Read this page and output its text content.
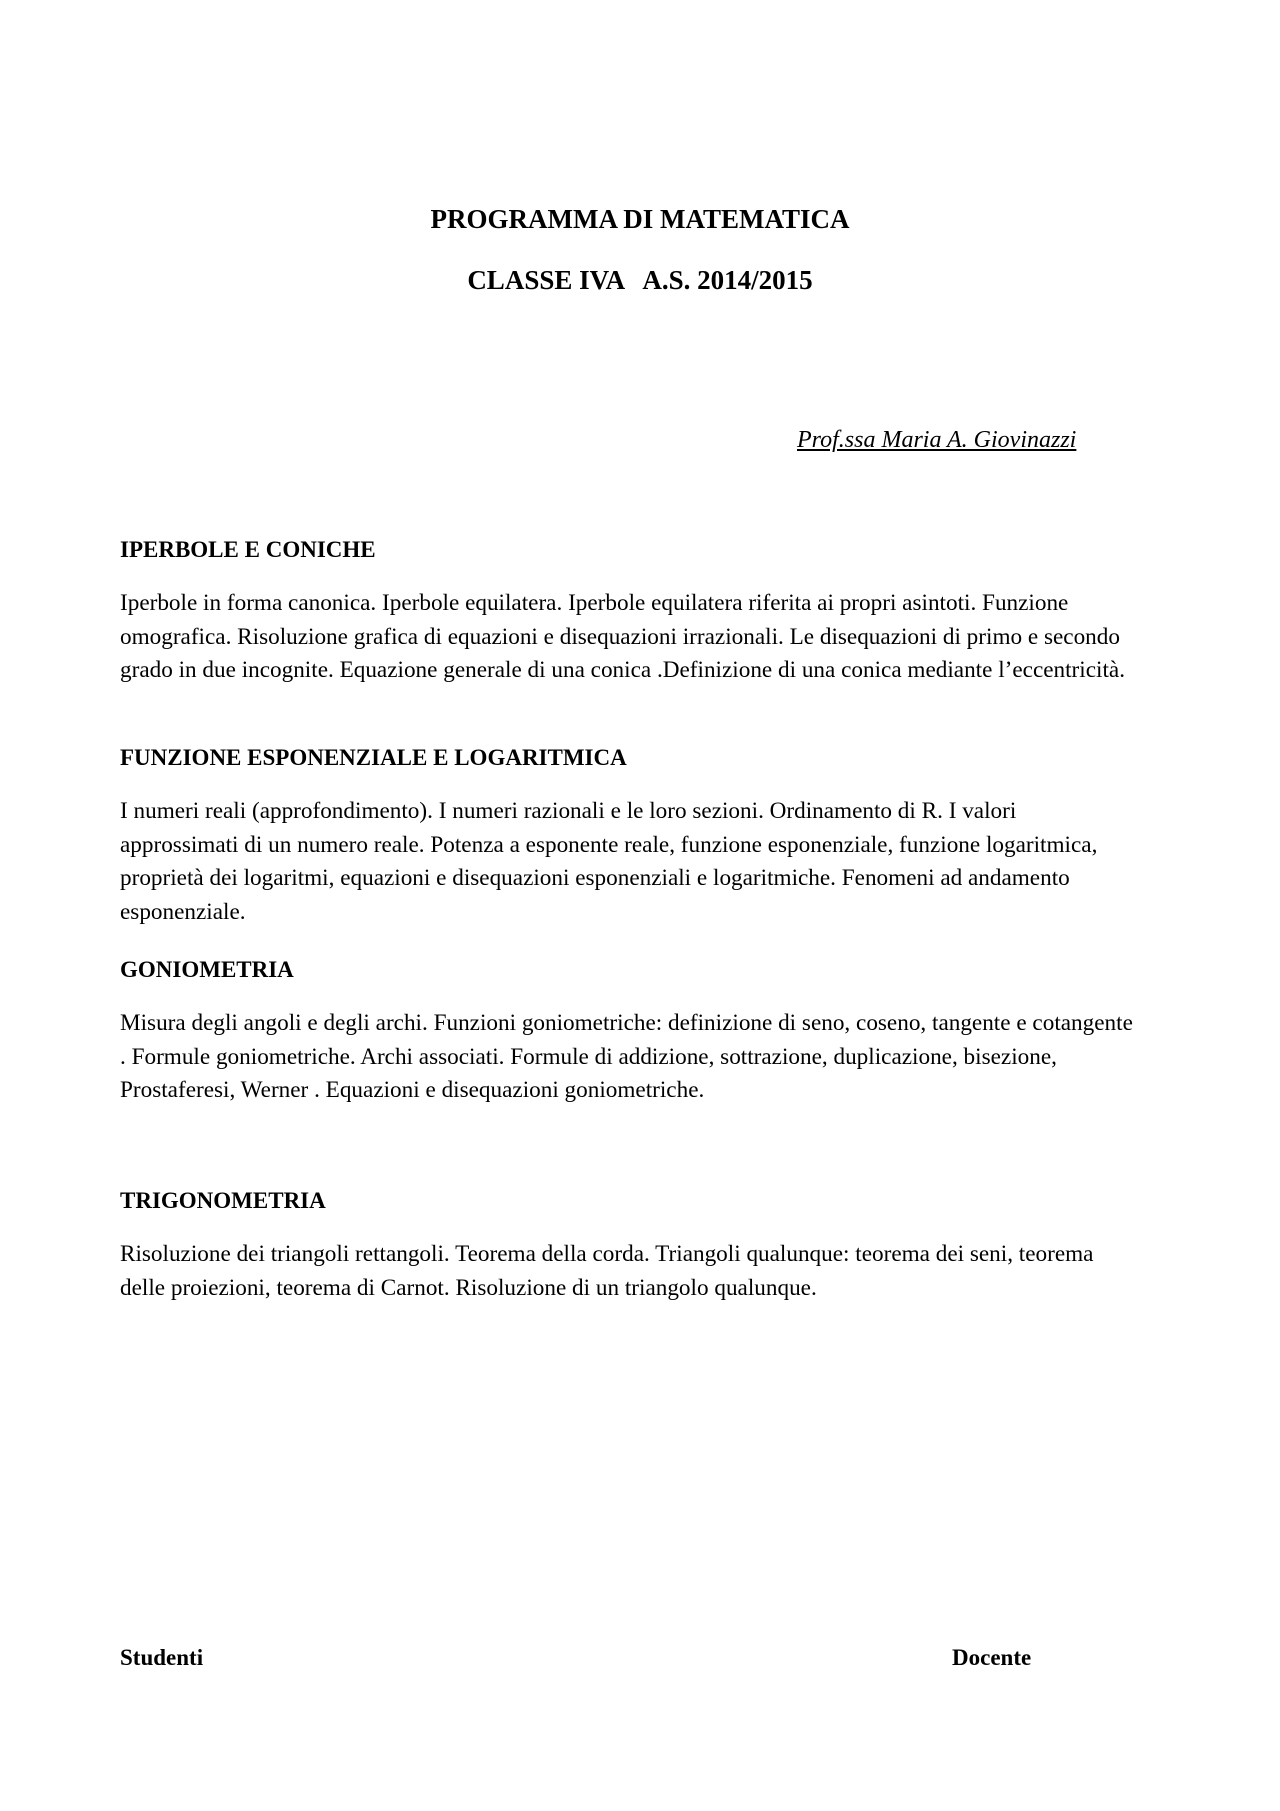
PROGRAMMA DI MATEMATICA
CLASSE IVA   A.S. 2014/2015
Prof.ssa Maria A. Giovinazzi
IPERBOLE E CONICHE

Iperbole in forma canonica. Iperbole equilatera. Iperbole equilatera riferita ai propri asintoti. Funzione omografica. Risoluzione grafica di equazioni e disequazioni irrazionali. Le disequazioni di primo e secondo grado in due incognite. Equazione generale di una conica .Definizione di una conica mediante l’eccentricità.

FUNZIONE ESPONENZIALE E LOGARITMICA

I numeri reali (approfondimento). I numeri razionali e le loro sezioni. Ordinamento di R. I valori approssimati di un numero reale. Potenza a esponente reale, funzione esponenziale, funzione logaritmica, proprietà dei logaritmi, equazioni e disequazioni esponenziali e logaritmiche. Fenomeni ad andamento esponenziale.

GONIOMETRIA

Misura degli angoli e degli archi. Funzioni goniometriche: definizione di seno, coseno, tangente e cotangente . Formule goniometriche. Archi associati. Formule di addizione, sottrazione, duplicazione, bisezione, Prostaferesi, Werner . Equazioni e disequazioni goniometriche.

TRIGONOMETRIA

Risoluzione dei triangoli rettangoli. Teorema della corda. Triangoli qualunque: teorema dei seni, teorema delle proiezioni, teorema di Carnot. Risoluzione di un triangolo qualunque.

Studenti	Docente
